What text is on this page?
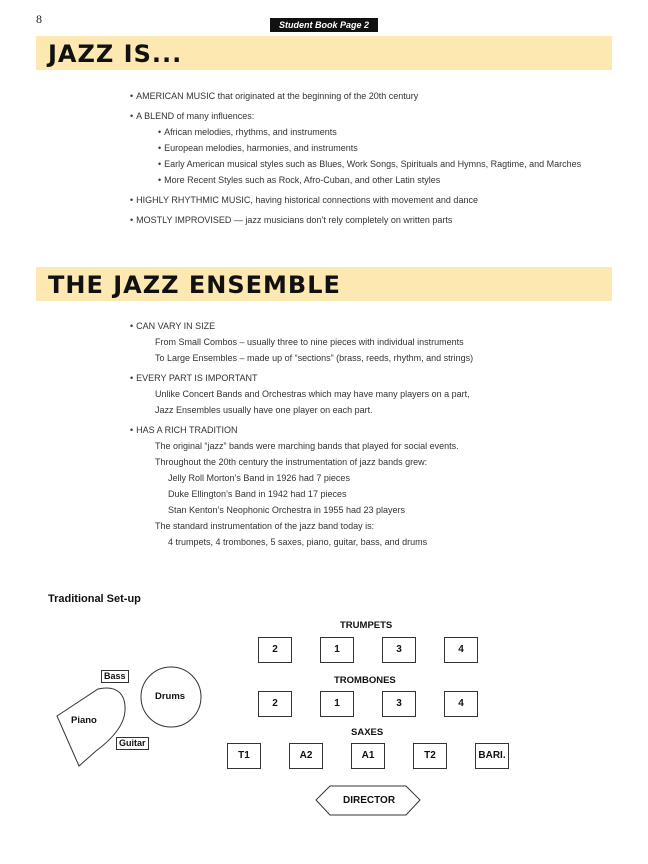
8	Student Book Page 2
JAZZ IS...
• AMERICAN MUSIC that originated at the beginning of the 20th century
• A BLEND of many influences:
• African melodies, rhythms, and instruments
• European melodies, harmonies, and instruments
• Early American musical styles such as Blues, Work Songs, Spirituals and Hymns, Ragtime, and Marches
• More Recent Styles such as Rock, Afro-Cuban, and other Latin styles
• HIGHLY RHYTHMIC MUSIC, having historical connections with movement and dance
• MOSTLY IMPROVISED — jazz musicians don’t rely completely on written parts
THE JAZZ ENSEMBLE
• CAN VARY IN SIZE
From Small Combos – usually three to nine pieces with individual instruments
To Large Ensembles – made up of “sections” (brass, reeds, rhythm, and strings)
• EVERY PART IS IMPORTANT
Unlike Concert Bands and Orchestras which may have many players on a part,
Jazz Ensembles usually have one player on each part.
• HAS A RICH TRADITION
The original “jazz” bands were marching bands that played for social events.
Throughout the 20th century the instrumentation of jazz bands grew:
Jelly Roll Morton’s Band in 1926 had 7 pieces
Duke Ellington’s Band in 1942 had 17 pieces
Stan Kenton’s Neophonic Orchestra in 1955 had 23 players
The standard instrumentation of the jazz band today is:
4 trumpets, 4 trombones, 5 saxes, piano, guitar, bass, and drums
Traditional Set-up
TRUMPETS
2	1	3	4
TROMBONES
2	1	3	4
SAXES
T1	A2	A1	T2	BARI.
Bass
Drums
Piano
Guitar
DIRECTOR
